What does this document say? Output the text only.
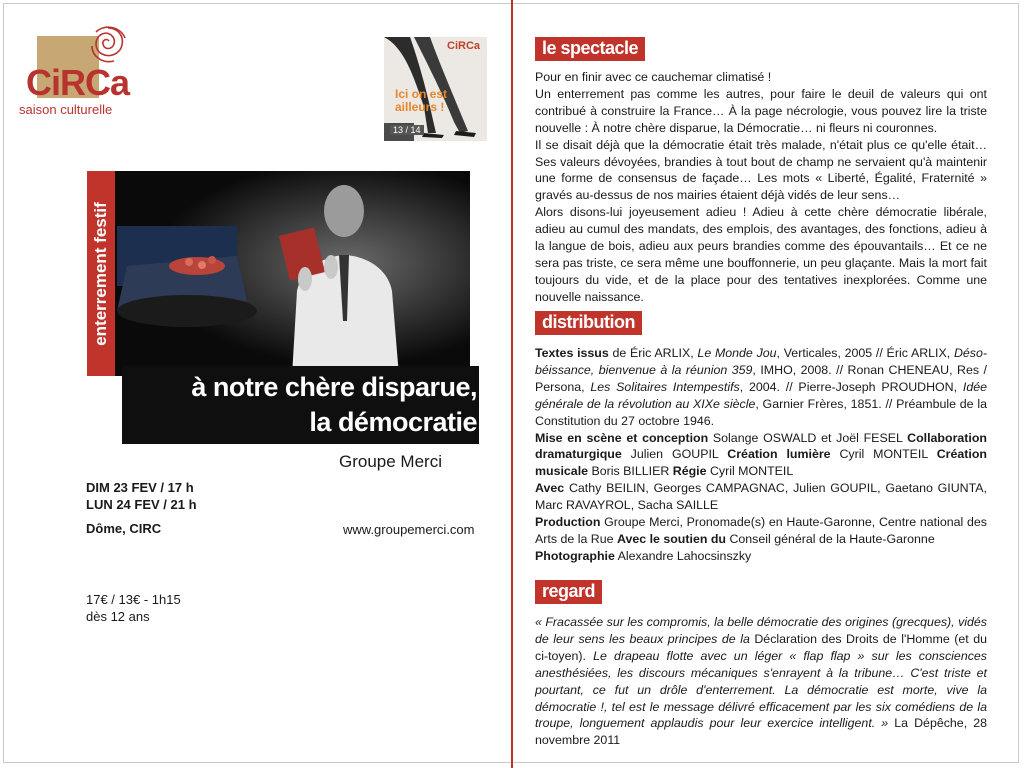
CiRCa
saison culturelle
CiRCa
Ici on est
ailleurs !
13 / 14
enterrement festif
à notre chère disparue,
la démocratie
Groupe Merci
DIM 23 FEV / 17 h
LUN 24 FEV / 21 h
Dôme, CIRC	www.groupemerci.com
17€ / 13€ - 1h15
dès 12 ans
le spectacle

Pour en finir avec ce cauchemar climatisé !

Un enterrement pas comme les autres, pour faire le deuil de valeurs qui ont contribué à construire la France… À la page nécrologie, vous pouvez lire la triste nouvelle : À notre chère disparue, la Démocratie… ni fleurs ni couronnes.

Il se disait déjà que la démocratie était très malade, n'était plus ce qu'elle était… Ses valeurs dévoyées, brandies à tout bout de champ ne servaient qu'à maintenir une forme de consensus de façade… Les mots « Liberté, Égalité, Fraternité » gravés au-dessus de nos mairies étaient déjà vidés de leur sens…

Alors disons-lui joyeusement adieu ! Adieu à cette chère démocratie libérale, adieu au cumul des mandats, des emplois, des avantages, des fonctions, adieu à la langue de bois, adieu aux peurs brandies comme des épouvantails… Et ce ne sera pas triste, ce sera même une bouffonnerie, un peu glaçante. Mais la mort fait toujours du vide, et de la place pour des tentatives inexplorées. Comme une nouvelle naissance.

distribution

Textes issus de Éric ARLIX, Le Monde Jou, Verticales, 2005 // Éric ARLIX, Déso-béissance, bienvenue à la réunion 359, IMHO, 2008. // Ronan CHENEAU, Res / Persona, Les Solitaires Intempestifs, 2004. // Pierre-Joseph PROUDHON, Idée générale de la révolution au XIXe siècle, Garnier Frères, 1851. // Préambule de la Constitution du 27 octobre 1946.

Mise en scène et conception Solange OSWALD et Joël FESEL Collaboration dramaturgique Julien GOUPIL Création lumière Cyril MONTEIL Création musicale Boris BILLIER Régie Cyril MONTEIL

Avec Cathy BEILIN, Georges CAMPAGNAC, Julien GOUPIL, Gaetano GIUNTA, Marc RAVAYROL, Sacha SAILLE

Production Groupe Merci, Pronomade(s) en Haute-Garonne, Centre national des Arts de la Rue Avec le soutien du Conseil général de la Haute-Garonne

Photographie Alexandre Lahocsinszky

regard

« Fracassée sur les compromis, la belle démocratie des origines (grecques), vidés de leur sens les beaux principes de la Déclaration des Droits de l'Homme (et du ci-toyen). Le drapeau flotte avec un léger « flap flap » sur les consciences anesthésiées, les discours mécaniques s'enrayent à la tribune… C'est triste et pourtant, ce fut un drôle d'enterrement. La démocratie est morte, vive la démocratie !, tel est le message délivré efficacement par les six comédiens de la troupe, longuement applaudis pour leur exercice intelligent. » La Dépêche, 28 novembre 2011
